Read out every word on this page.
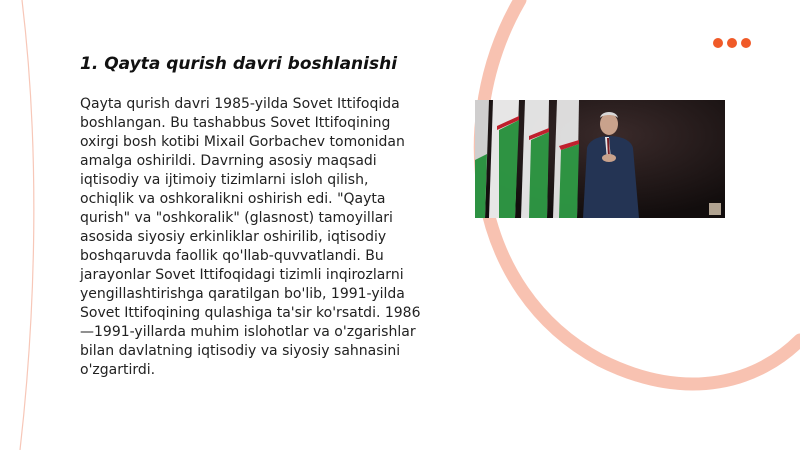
1. Qayta qurish davri boshlanishi

Qayta qurish davri 1985-yilda Sovet Ittifoqida boshlangan. Bu tashabbus Sovet Ittifoqining oxirgi bosh kotibi Mixail Gorbachev tomonidan amalga oshirildi. Davrning asosiy maqsadi iqtisodiy va ijtimoiy tizimlarni isloh qilish, ochiqlik va oshkoralikni oshirish edi. "Qayta qurish" va "oshkoralik" (glasnost) tamoyillari asosida siyosiy erkinliklar oshirilib, iqtisodiy boshqaruvda faollik qo'llab-quvvatlandi. Bu jarayonlar Sovet Ittifoqidagi tizimli inqirozlarni yengillashtirishga qaratilgan bo'lib, 1991-yilda Sovet Ittifoqining qulashiga ta'sir ko'rsatdi. 1986—1991-yillarda muhim islohotlar va o'zgarishlar bilan davlatning iqtisodiy va siyosiy sahnasini o'zgartirdi.
